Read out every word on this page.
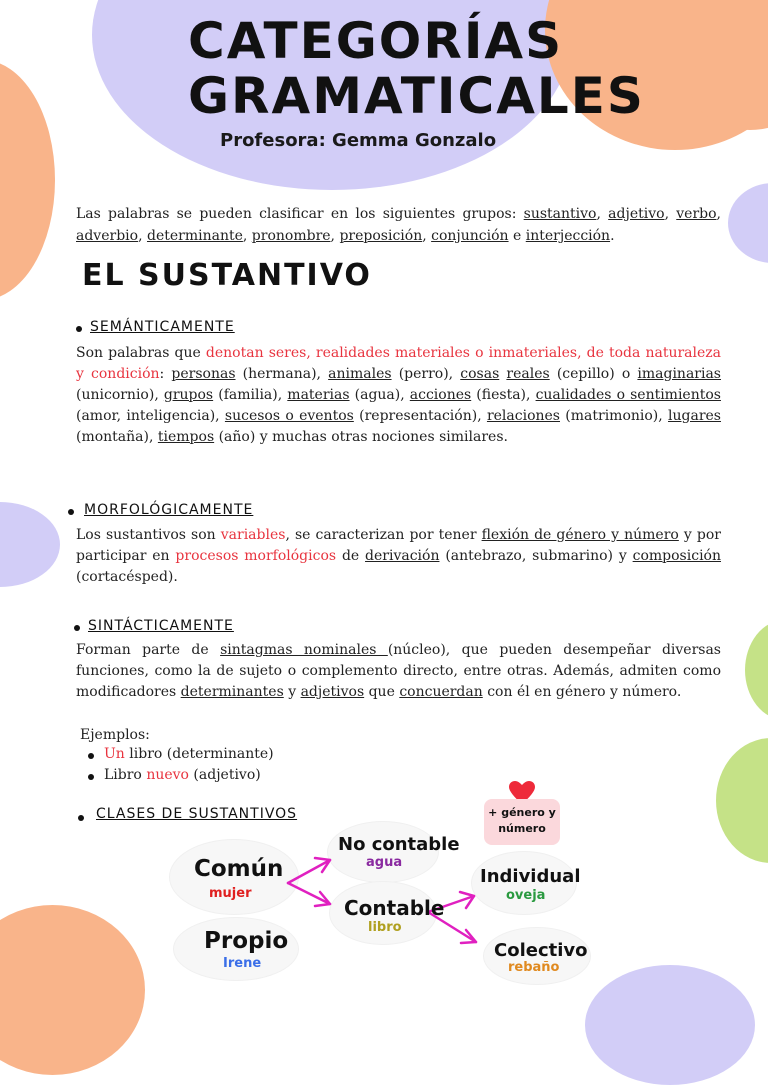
CATEGORÍAS
GRAMATICALES
Profesora: Gemma Gonzalo
Las palabras se pueden clasificar en los siguientes grupos: sustantivo, adjetivo, verbo, adverbio, determinante, pronombre, preposición, conjunción e interjección.
EL SUSTANTIVO
SEMÁNTICAMENTE
Son palabras que denotan seres, realidades materiales o inmateriales, de toda naturaleza y condición: personas (hermana), animales (perro), cosas reales (cepillo) o imaginarias (unicornio), grupos (familia), materias (agua), acciones (fiesta), cualidades o sentimientos (amor, inteligencia), sucesos o eventos (representación), relaciones (matrimonio), lugares (montaña), tiempos (año) y muchas otras nociones similares.
MORFOLÓGICAMENTE
Los sustantivos son variables, se caracterizan por tener flexión de género y número y por participar en procesos morfológicos de derivación (antebrazo, submarino) y composición (cortacésped).
SINTÁCTICAMENTE
Forman parte de sintagmas nominales (núcleo), que pueden desempeñar diversas funciones, como la de sujeto o complemento directo, entre otras. Además, admiten como modificadores determinantes y adjetivos que concuerdan con él en género y número.
Ejemplos:
Un libro (determinante)
Libro nuevo (adjetivo)
CLASES DE SUSTANTIVOS
Común
mujer
Propio
Irene
No contable
agua
Contable
libro
Individual
oveja
Colectivo
rebaño
+ género y
número
